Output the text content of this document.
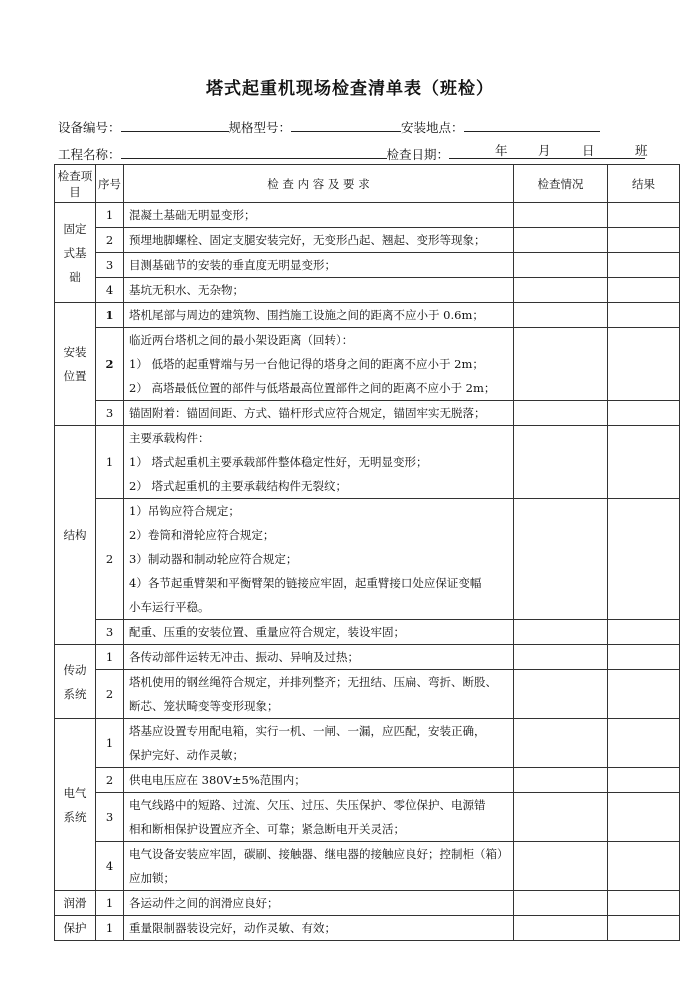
塔式起重机现场检查清单表（班检）
设备编号：	规格型号：	安装地点：
工程名称：	检查日期：	年 月	日	班
检查项目	序号	检 查 内 容 及 要 求	检查情况	结果

固定式基础	1	混凝土基础无明显变形；		

	2	预埋地脚螺栓、固定支腿安装完好，无变形凸起、翘起、变形等现象；		

	3	目测基础节的安装的垂直度无明显变形；		

	4	基坑无积水、无杂物；		

安装位置	1	塔机尾部与周边的建筑物、围挡施工设施之间的距离不应小于 0.6m；		

	2	临近两台塔机之间的最小架设距离（回转）：
1） 低塔的起重臂端与另一台他记得的塔身之间的距离不应小于 2m；
2） 高塔最低位置的部件与低塔最高位置部件之间的距离不应小于 2m；		

	3	锚固附着：锚固间距、方式、锚杆形式应符合规定，锚固牢实无脱落；		

结构	1	主要承载构件：
1） 塔式起重机主要承载部件整体稳定性好，无明显变形；
2） 塔式起重机的主要承载结构件无裂纹；		

	2	1）吊钩应符合规定；
2）卷筒和滑轮应符合规定；
3）制动器和制动轮应符合规定；
4）各节起重臂架和平衡臂架的链接应牢固，起重臂接口处应保证变幅
小车运行平稳。		

	3	配重、压重的安装位置、重量应符合规定，装设牢固；		

传动系统	1	各传动部件运转无冲击、振动、异响及过热；		

	2	塔机使用的钢丝绳符合规定，并排列整齐；无扭结、压扁、弯折、断股、
断芯、笼状畸变等变形现象；		

电气系统	1	塔基应设置专用配电箱，实行一机、一闸、一漏，应匹配，安装正确，
保护完好、动作灵敏；		

	2	供电电压应在 380V±5%范围内；		

	3	电气线路中的短路、过流、欠压、过压、失压保护、零位保护、电源错
相和断相保护设置应齐全、可靠；紧急断电开关灵活；		

	4	电气设备安装应牢固，碳刷、接触器、继电器的接触应良好；控制柜（箱）
应加锁；		

润滑	1	各运动件之间的润滑应良好；		

保护	1	重量限制器装设完好，动作灵敏、有效；		
